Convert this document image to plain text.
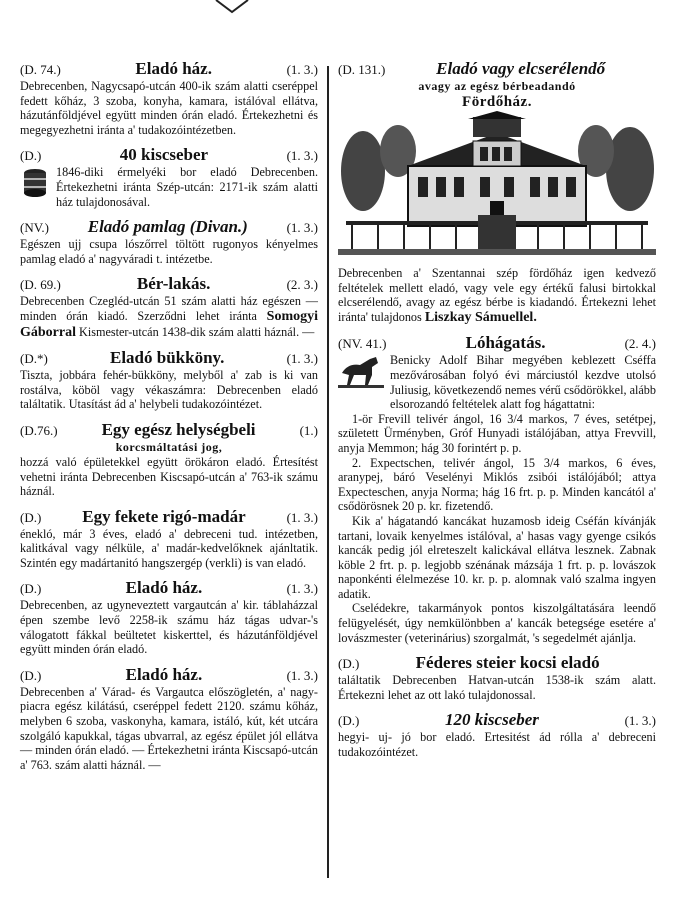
(D. 74.)	Eladó ház.	(1. 3.)
Debrecenben, Nagycsapó-utcán 400-ik szám alatti cseréppel fedett kőház, 3 szoba, konyha, kamara, istálóval ellátva, házutánföldjével együtt minden órán eladó. Értekezhetni és megegyezhetni iránta a' tudakozóintézetben.
(D.)	40 kiscseber	(1. 3.)
1846-diki érmelyéki bor eladó Debrecenben. Értekezhetni iránta Szép-utcán: 2171-ik szám alatti ház tulajdonosával.
(NV.)	Eladó pamlag (Divan.)	(1. 3.)
Egészen ujj csupa lószőrrel töltött rugonyos kényelmes pamlag eladó a' nagyváradi t. intézetbe.
(D. 69.)	Bér-lakás.	(2. 3.)
Debrecenben Czegléd-utcán 51 szám alatti ház egészen — minden órán kiadó. Szerződni lehet iránta Somogyi Gáborral Kismester-utcán 1438-dik szám alatti háznál. —
(D.*)	Eladó bükköny.	(1. 3.)
Tiszta, jobbára fehér-bükköny, melyből a' zab is ki van rostálva, köböl vagy vékaszámra: Debrecenben eladó találtatik. Utasítást ád a' helybeli tudakozóintézet.
(D.76.)	Egy egész helységbeli	(1.)
korcsmáltatási jog,
hozzá való épületekkel együtt örökáron eladó. Értesítést vehetni iránta Debrecenben Kiscsapó-utcán a' 763-ik számu háznál.
(D.)	Egy fekete rigó-madár	(1. 3.)
énekló, már 3 éves, eladó a' debreceni tud. intézetben, kalitkával vagy nélküle, a' madár-kedvelőknek ajánltatik. Szintén egy madártanitó hangszergép (verkli) is van eladó.
(D.)	Eladó ház.	(1. 3.)
Debrecenben, az ugyneveztett vargautcán a' kir. táblaházzal épen szembe levő 2258-ik számu ház tágas udvar-'s válogatott fákkal beültetet kiskerttel, és házutánföldjével együtt minden órán eladó.
(D.)	Eladó ház.	(1. 3.)
Debrecenben a' Várad- és Vargautca előszögletén, a' nagy-piacra egész kilátású, cseréppel fedett 2120. számu kőház, melyben 6 szoba, vaskonyha, kamara, istáló, kút, két utcára szolgáló kapukkal, tágas ubvarral, az egész épület jól ellátva — minden órán eladó. — Értekezhetni iránta Kiscsapó-utcán a' 763. szám alatti háznál. —
(D. 131.)	Eladó vagy elcserélendő
avagy az egész bérbeadandó
Fördőház.
Debrecenben a' Szentannai szép fördőház igen kedvező feltételek mellett eladó, vagy vele egy értékű falusi birtokkal elcserélendő, avagy az egész bérbe is kiadandó. Értekezni lehet iránta' tulajdonos Liszkay Sámuellel.
(NV. 41.)	Lóhágatás.	(2. 4.)
Benicky Adolf Bihar megyében keblezett Cséffa mezővárosában folyó évi márciustól kezdve utolsó Juliusig, következendő nemes vérű csődörökkel, alább elsorozandó feltételek alatt fog hágattatni:
1-ör Frevill telivér ángol, 16 3/4 markos, 7 éves, setétpej, született Ürményben, Gróf Hunyadi istálójában, attya Frevvill, anyja Memmon; hág 30 forintért p. p.
2. Expectschen, telivér ángol, 15 3/4 markos, 6 éves, aranypej, báró Veselényi Miklós zsibói istálójából; attya Expecteschen, anyja Norma; hág 16 frt. p. p. Minden kancától a' csődörösnek 20 p. kr. fizetendő.
Kik a' hágatandó kancákat huzamosb ideig Cséfán kívánják tartani, lovaik kenyelmes istálóval, a' hasas vagy gyenge csikós kancák pedig jól elreteszelt kalickával ellátva lesznek. Zabnak köble 2 frt. p. p. legjobb szénának mázsája 1 frt. p. p. lovászok naponkénti élelmezése 10. kr. p. p. alomnak való szalma ingyen adatik.
Cselédekre, takarmányok pontos kiszolgáltatására leendő felügyelését, úgy nemkülönbben a' kancák betegsége esetére a' lovászmester (veterinárius) szorgalmát, 's segedelmét ajánlja.
(D.)	Féderes steier kocsi eladó
találtatik Debrecenben Hatvan-utcán 1538-ik szám alatt. Értekezni lehet az ott lakó tulajdonossal.
(D.)	120 kiscseber	(1. 3.)
hegyi- uj- jó bor eladó. Ertesitést ád rólla a' debreceni tudakozóintézet.
